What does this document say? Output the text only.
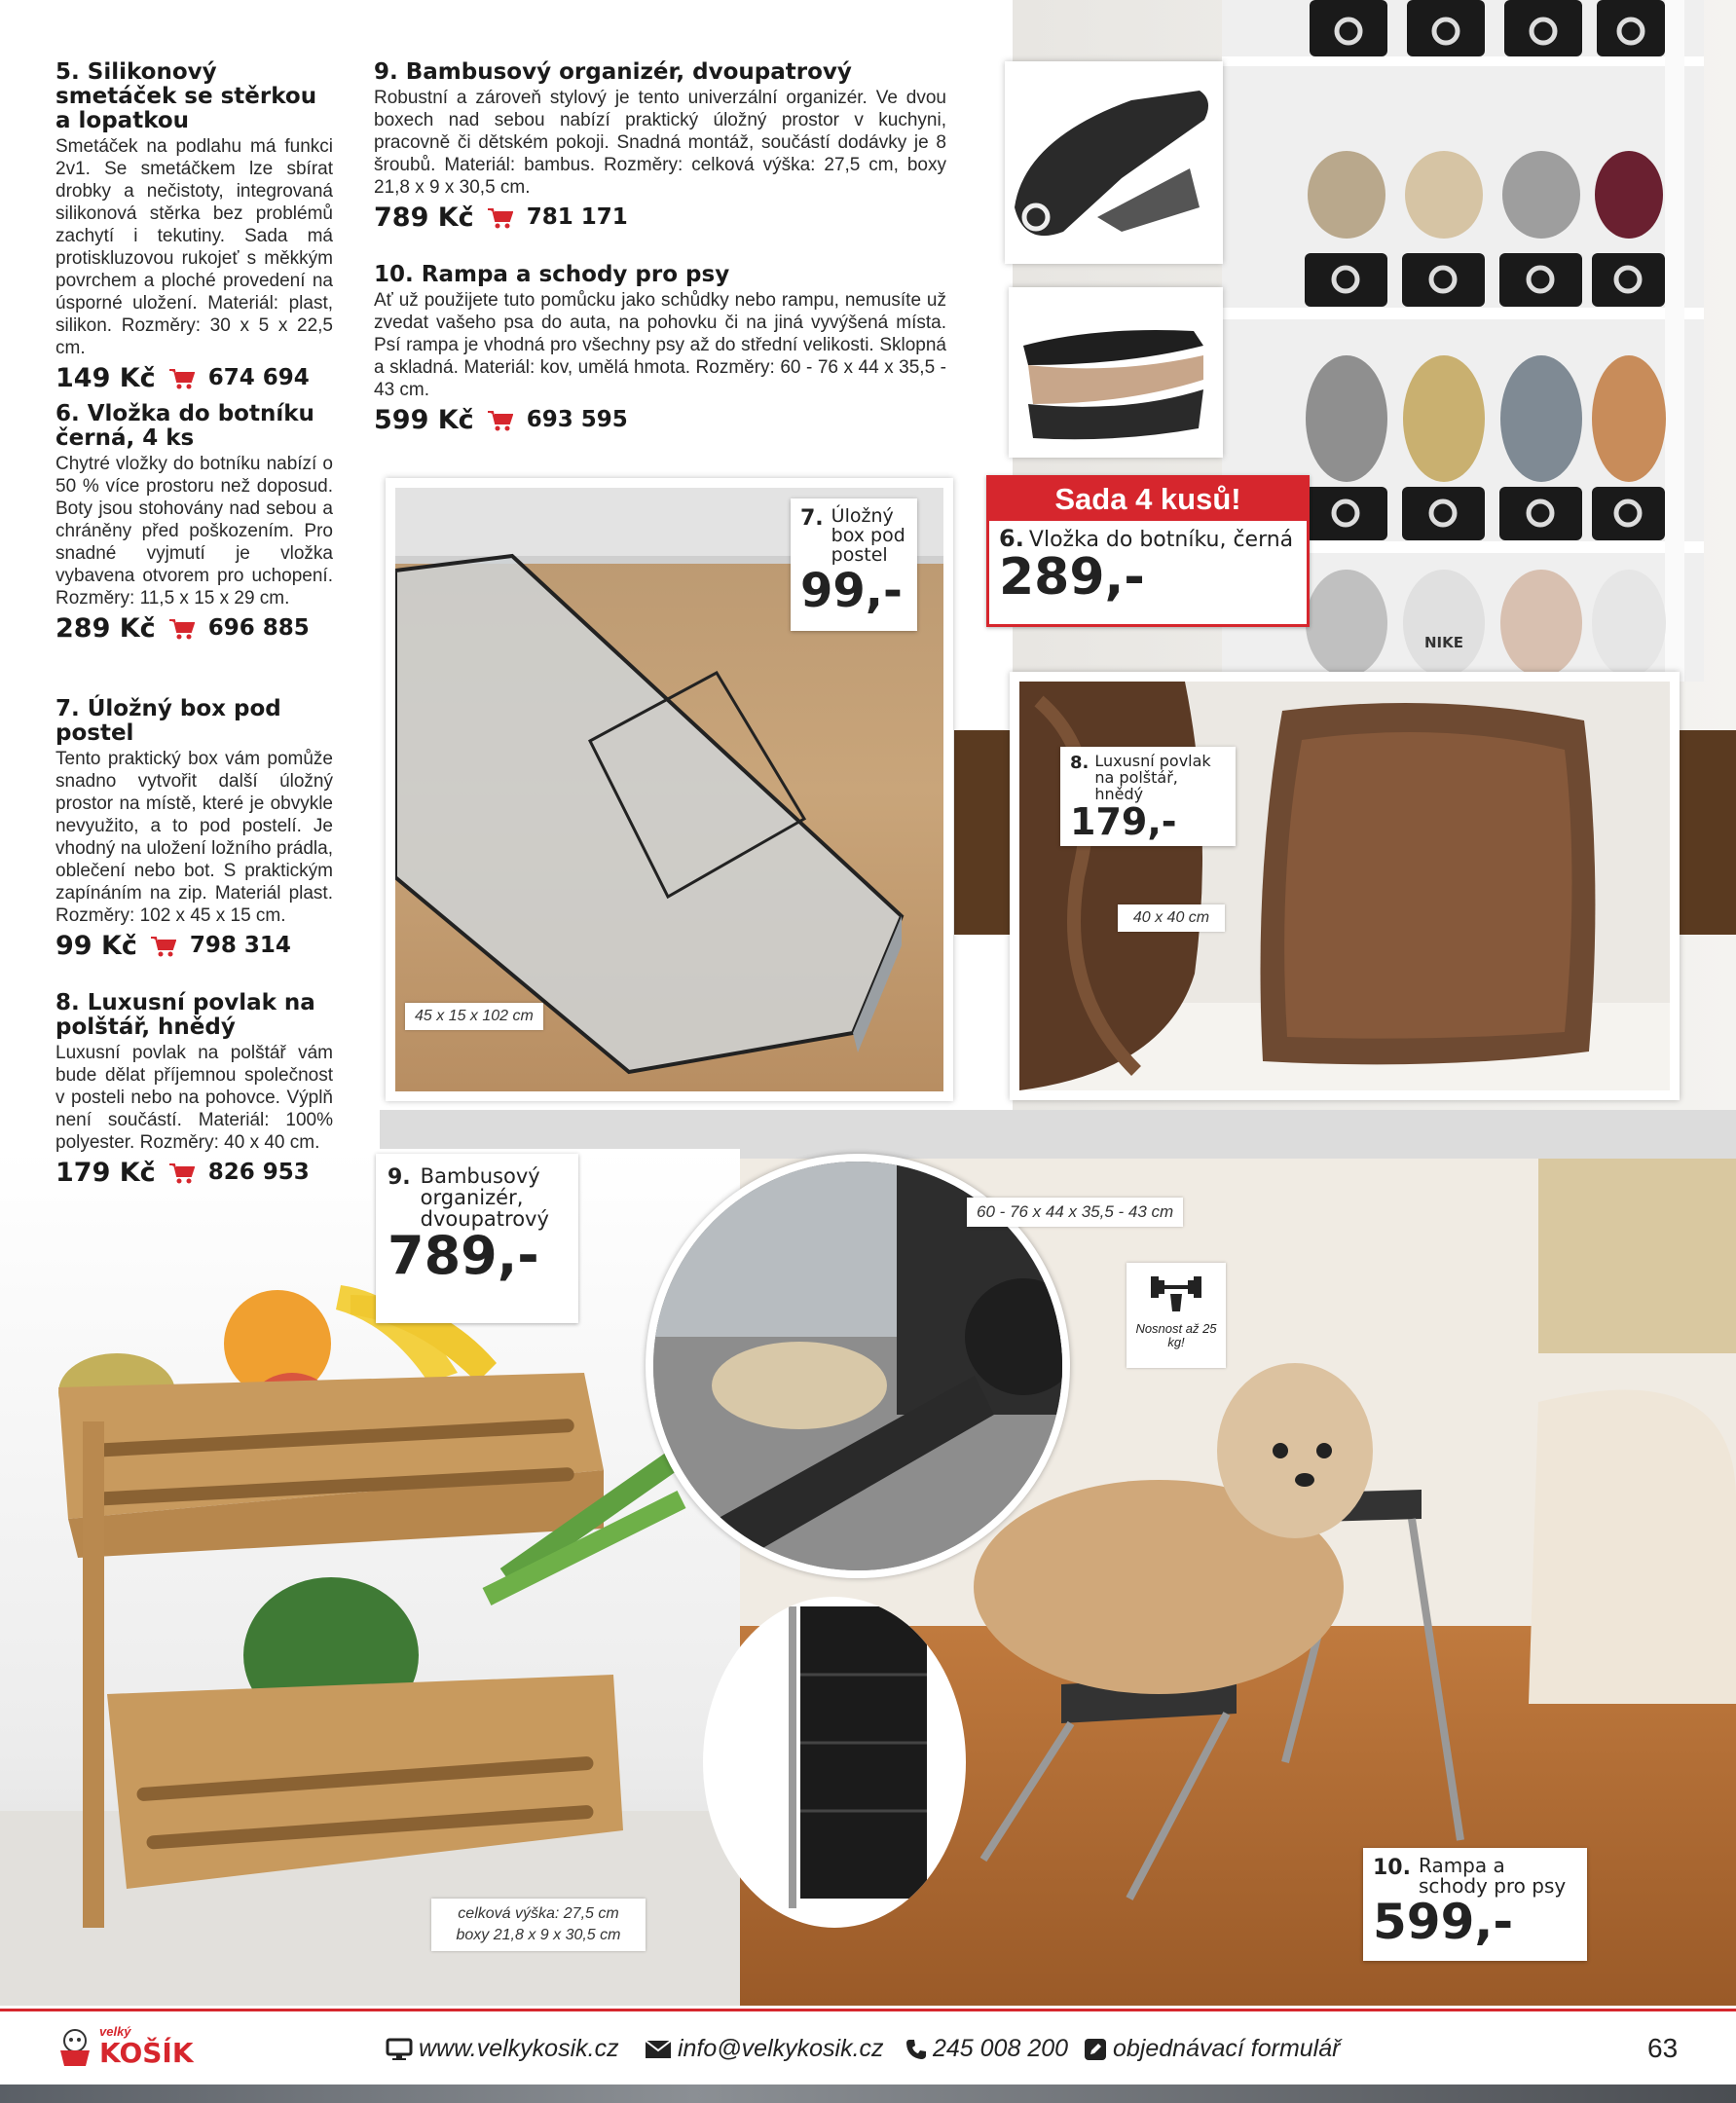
NIKE
Sada 4 kusů!
6. Vložka do botníku, černá
289,-
7. Úložný box pod postel
99,-
45 x 15 x 102 cm
8. Luxusní povlak na polštář, hnědý
179,-
40 x 40 cm
9. Bambusový organizér, dvoupatrový
789,-
celková výška: 27,5 cm
boxy 21,8 x 9 x 30,5 cm
60 - 76 x 44 x 35,5 - 43 cm
Nosnost až 25 kg!
10. Rampa a schody pro psy
599,-
5. Silikonový smetáček se stěrkou a lopatkou
Smetáček na podlahu má funkci 2v1. Se smetáčkem lze sbírat drobky a nečistoty, integrovaná silikonová stěrka bez problémů zachytí i tekutiny. Sada má protiskluzovou rukojeť s měkkým povrchem a ploché provedení na úsporné uložení. Materiál: plast, silikon. Rozměry: 30 x 5 x 22,5 cm.
149 Kč 674 694
6. Vložka do botníku černá, 4 ks
Chytré vložky do botníku nabízí o 50 % více prostoru než doposud. Boty jsou stohovány nad sebou a chráněny před poškozením. Pro snadné vyjmutí je vložka vybavena otvorem pro uchopení. Rozměry: 11,5 x 15 x 29 cm.
289 Kč 696 885
7. Úložný box pod postel
Tento praktický box vám pomůže snadno vytvořit další úložný prostor na místě, které je obvykle nevyužito, a to pod postelí. Je vhodný na uložení ložního prádla, oblečení nebo bot. S praktickým zapínáním na zip. Materiál plast. Rozměry: 102 x 45 x 15 cm.
99 Kč 798 314
8. Luxusní povlak na polštář, hnědý
Luxusní povlak na polštář vám bude dělat příjemnou společnost v posteli nebo na pohovce. Výplň není součástí. Materiál: 100% polyester. Rozměry: 40 x 40 cm.
179 Kč 826 953
9. Bambusový organizér, dvoupatrový
Robustní a zároveň stylový je tento univerzální organizér. Ve dvou boxech nad sebou nabízí praktický úložný prostor v kuchyni, pracovně či dětském pokoji. Snadná montáž, součástí dodávky je 8 šroubů. Materiál: bambus. Rozměry: celková výška: 27,5 cm, boxy 21,8 x 9 x 30,5 cm.
789 Kč 781 171
10. Rampa a schody pro psy
Ať už použijete tuto pomůcku jako schůdky nebo rampu, nemusíte už zvedat vašeho psa do auta, na pohovku či na jiná vyvýšená místa. Psí rampa je vhodná pro všechny psy až do střední velikosti. Sklopná a skladná. Materiál: kov, umělá hmota. Rozměry: 60 - 76 x 44 x 35,5 - 43 cm.
599 Kč 693 595
velký
KOŠÍK	www.velkykosik.cz info@velkykosik.cz 245 008 200 objednávací formulář	63
